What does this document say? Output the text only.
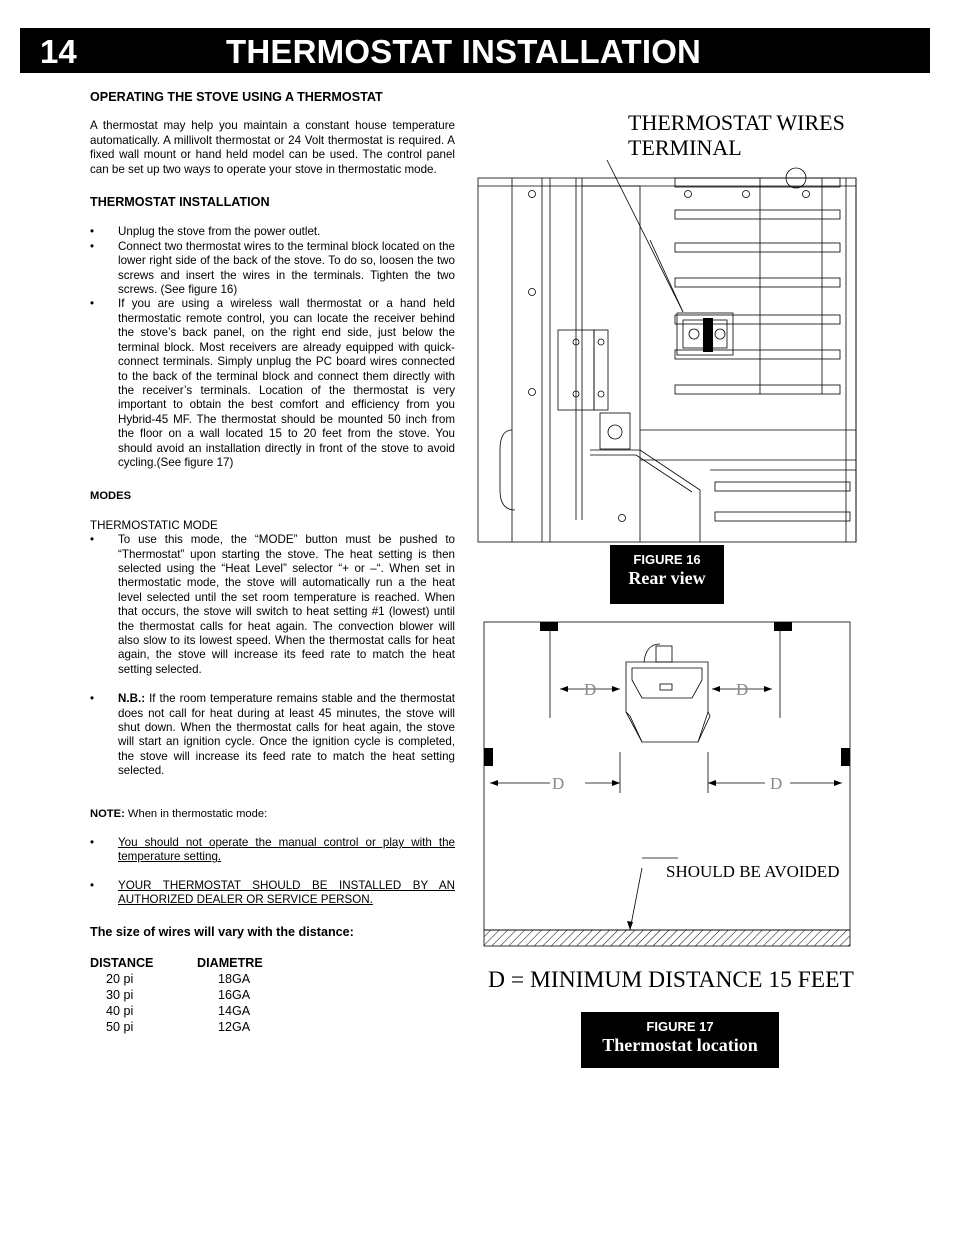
14	THERMOSTAT INSTALLATION
OPERATING THE STOVE USING A THERMOSTAT

A thermostat may help you maintain a constant house temperature automatically. A millivolt thermostat or 24 Volt thermostat is required. A fixed wall mount or hand held model can be used. The control panel can be set up two ways to operate your stove in thermostatic mode.

THERMOSTAT INSTALLATION
• Unplug the stove from the power outlet.
• Connect two thermostat wires to the terminal block located on the lower right side of the back of the stove. To do so, loosen the two screws and insert the wires in the terminals. Tighten the two screws. (See figure 16)
• If you are using a wireless wall thermostat or a hand held thermostatic remote control, you can locate the receiver behind the stove’s back panel, on the right end side, just below the terminal block. Most receivers are already equipped with quick-connect terminals. Simply unplug the PC board wires connected to the back of the terminal block and connect them directly with the receiver’s terminals. Location of the thermostat is very important to obtain the best comfort and efficiency from you Hybrid-45 MF. The thermostat should be mounted 50 inch from the floor on a wall located 15 to 20 feet from the stove. You should avoid an installation directly in front of the stove to avoid cycling.(See figure 17)
MODES
THERMOSTATIC MODE
• To use this mode, the “MODE” button must be pushed to “Thermostat” upon starting the stove. The heat setting is then selected using the “Heat Level” selector “+ or –“. When set in thermostatic mode, the stove will automatically run a the heat level selected until the set room temperature is reached. When that occurs, the stove will switch to heat setting #1 (lowest) until the thermostat calls for heat again. The convection blower will also slow to its lowest speed. When the thermostat calls for heat again, the stove will increase its feed rate to match the heat setting selected.
• N.B.: If the room temperature remains stable and the thermostat does not call for heat during at least 45 minutes, the stove will shut down. When the thermostat calls for heat again, the stove will start an ignition cycle. Once the ignition cycle is completed, the stove will increase its feed rate to match the heat setting selected.
NOTE: When in thermostatic mode:
• You should not operate the manual control or play with the temperature setting.
• YOUR THERMOSTAT SHOULD BE INSTALLED BY AN AUTHORIZED DEALER OR SERVICE PERSON.
The size of wires will vary with the distance:
DISTANCE	DIAMETRE
20 pi	18GA
30 pi	16GA
40 pi	14GA
50 pi	12GA
THERMOSTAT WIRES
TERMINAL
FIGURE 16
Rear view
D	D
D	D
SHOULD BE AVOIDED
D = MINIMUM DISTANCE 15 FEET
FIGURE 17
Thermostat location
